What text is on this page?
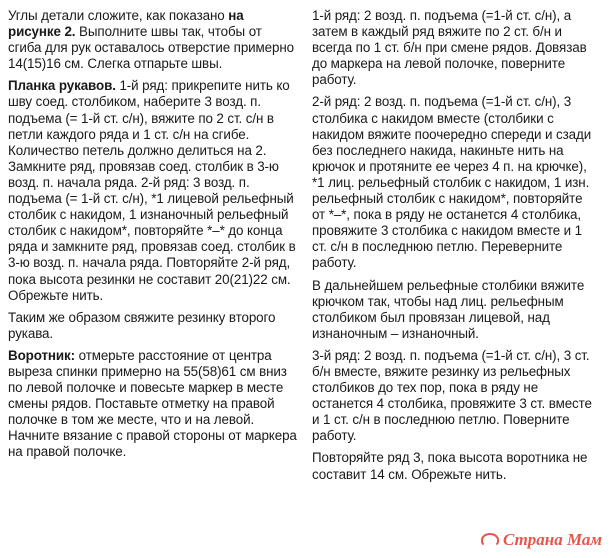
Углы детали сложите, как показано на рисунке 2. Выполните швы так, чтобы от сгиба для рук оставалось отверстие примерно 14(15)16 см. Слегка отпарьте швы.

Планка рукавов. 1-й ряд: прикрепите нить ко шву соед. столбиком, наберите 3 возд. п. подъема (= 1-й ст. с/н), вяжите по 2 ст. с/н в петли каждого ряда и 1 ст. с/н на сгибе. Количество петель должно делиться на 2. Замкните ряд, провязав соед. столбик в 3-ю возд. п. начала ряда. 2-й ряд: 3 возд. п. подъема (= 1-й ст. с/н), *1 лицевой рельефный столбик с накидом, 1 изнаночный рельефный столбик с накидом*, повторяйте *–* до конца ряда и замкните ряд, провязав соед. столбик в 3-ю возд. п. начала ряда. Повторяйте 2-й ряд, пока высота резинки не составит 20(21)22 см. Обрежьте нить.

Таким же образом свяжите резинку второго рукава.

Воротник: отмерьте расстояние от центра выреза спинки примерно на 55(58)61 см вниз по левой полочке и повесьте маркер в месте смены рядов. Поставьте отметку на правой полочке в том же месте, что и на левой. Начните вязание с правой стороны от маркера на правой полочке.

1-й ряд: 2 возд. п. подъема (=1-й ст. с/н), а затем в каждый ряд вяжите по 2 ст. б/н и всегда по 1 ст. б/н при смене рядов. Довязав до маркера на левой полочке, поверните работу.

2-й ряд: 2 возд. п. подъема (=1-й ст. с/н), 3 столбика с накидом вместе (столбики с накидом вяжите поочередно спереди и сзади без последнего накида, накиньте нить на крючок и протяните ее через 4 п. на крючке), *1 лиц. рельефный столбик с накидом, 1 изн. рельефный столбик с накидом*, повторяйте от *–*, пока в ряду не останется 4 столбика, провяжите 3 столбика с накидом вместе и 1 ст. с/н в последнюю петлю. Переверните работу.

В дальнейшем рельефные столбики вяжите крючком так, чтобы над лиц. рельефным столбиком был провязан лицевой, над изнаночным – изнаночный.

3-й ряд: 2 возд. п. подъема (=1-й ст. с/н), 3 ст. б/н вместе, вяжите резинку из рельефных столбиков до тех пор, пока в ряду не останется 4 столбика, провяжите 3 ст. вместе и 1 ст. с/н в последнюю петлю. Поверните работу.

Повторяйте ряд 3, пока высота воротника не составит 14 см. Обрежьте нить.

Страна Мам
